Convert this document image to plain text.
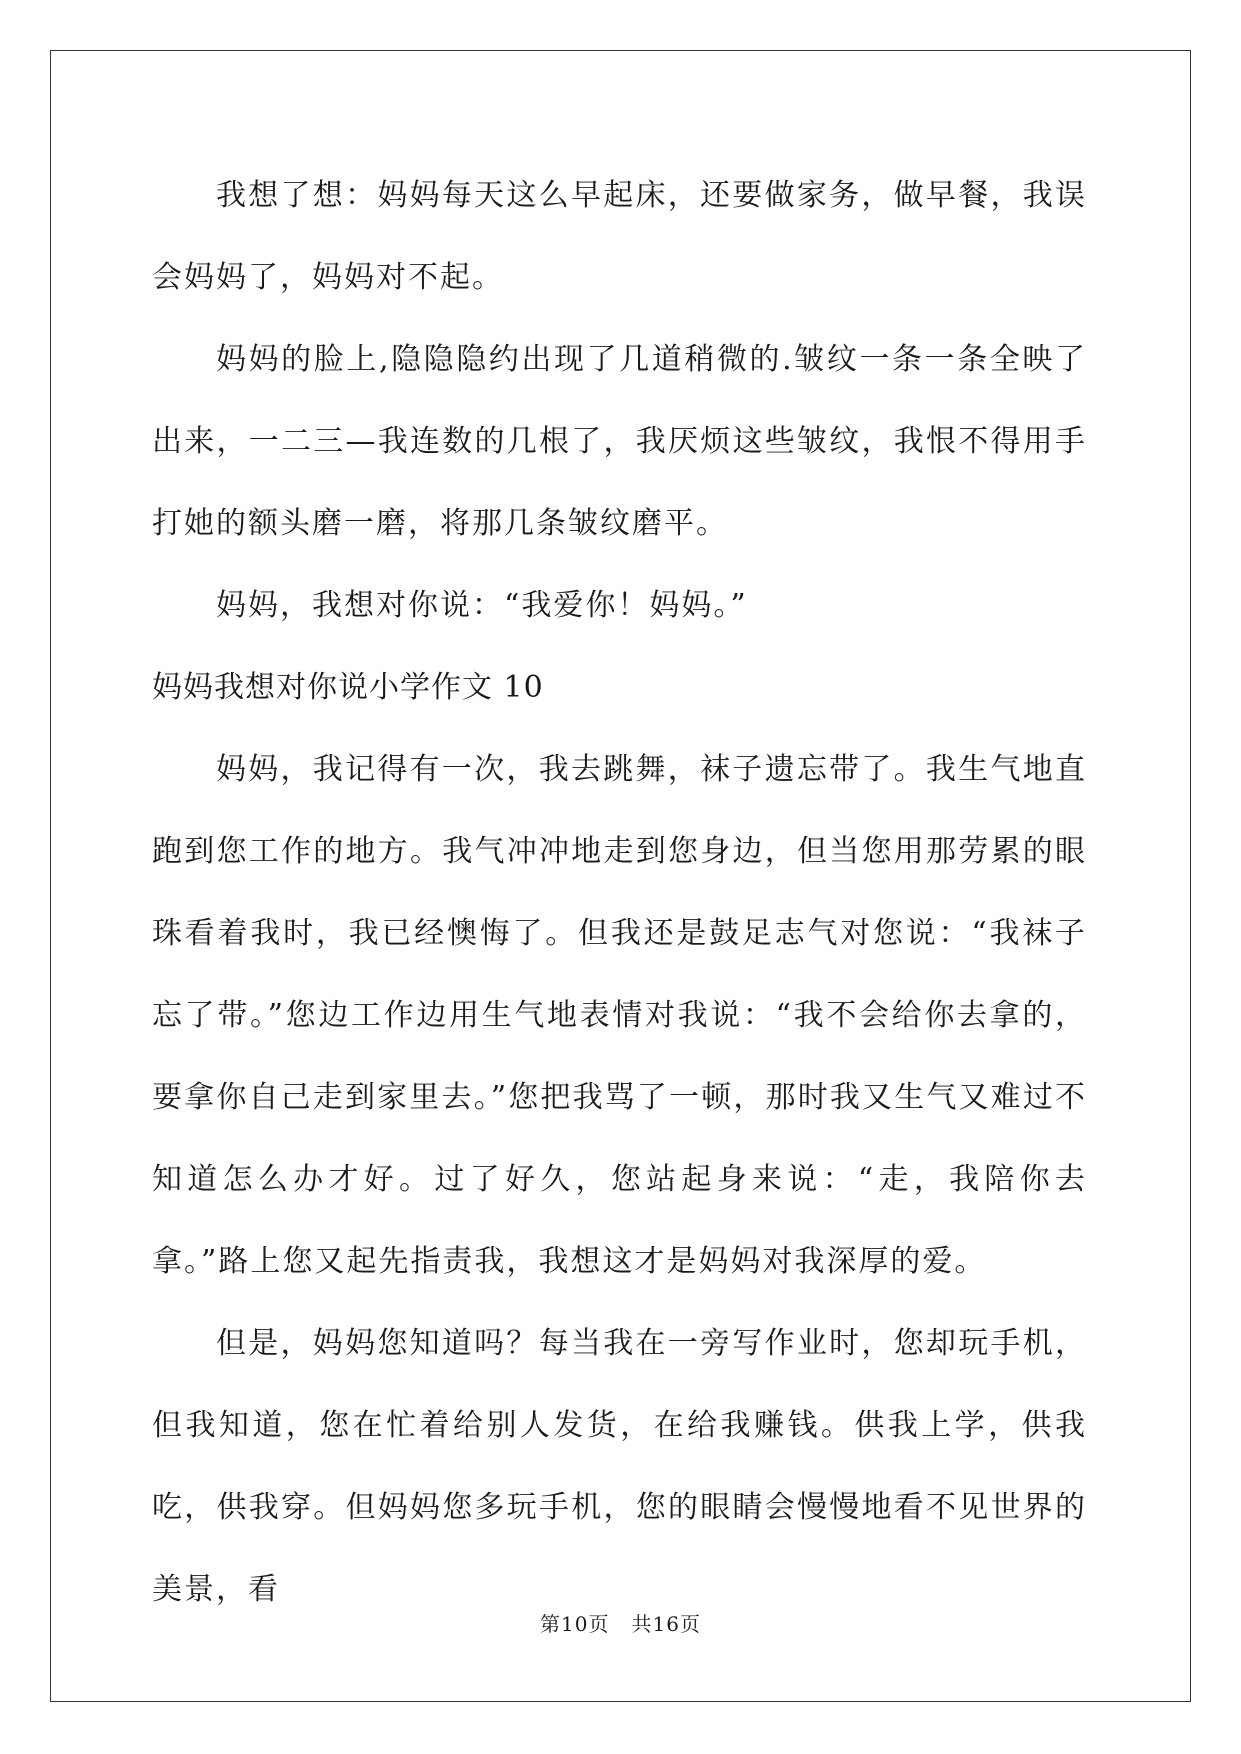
我想了想：妈妈每天这么早起床，还要做家务，做早餐，我误会妈妈了，妈妈对不起。

妈妈的脸上,隐隐隐约出现了几道稍微的.皱纹一条一条全映了出来，一二三—我连数的几根了，我厌烦这些皱纹，我恨不得用手打她的额头磨一磨，将那几条皱纹磨平。

妈妈，我想对你说：“我爱你！妈妈。”

妈妈我想对你说小学作文 10

妈妈，我记得有一次，我去跳舞，袜子遗忘带了。我生气地直跑到您工作的地方。我气冲冲地走到您身边，但当您用那劳累的眼珠看着我时，我已经懊悔了。但我还是鼓足志气对您说：“我袜子忘了带。”您边工作边用生气地表情对我说：“我不会给你去拿的，要拿你自己走到家里去。”您把我骂了一顿，那时我又生气又难过不知道怎么办才好。过了好久，您站起身来说：“走，我陪你去拿。”路上您又起先指责我，我想这才是妈妈对我深厚的爱。

但是，妈妈您知道吗？每当我在一旁写作业时，您却玩手机，但我知道，您在忙着给别人发货，在给我赚钱。供我上学，供我吃，供我穿。但妈妈您多玩手机，您的眼睛会慢慢地看不见世界的美景，看

第10页 共16页
